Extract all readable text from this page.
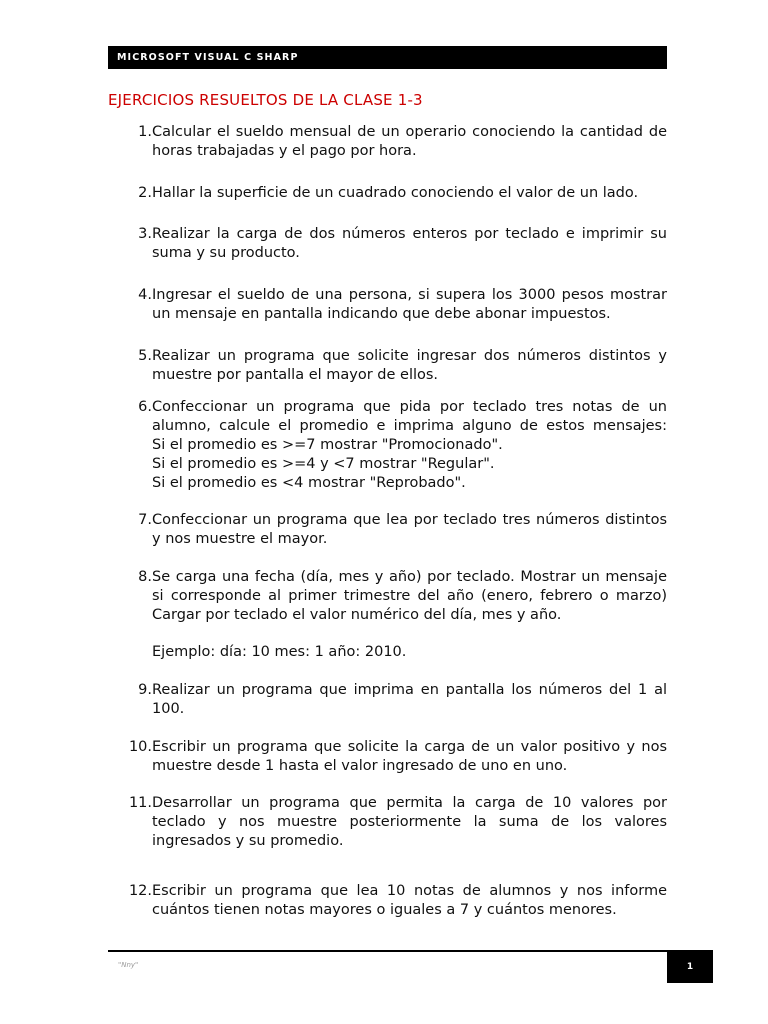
MICROSOFT VISUAL C SHARP
EJERCICIOS RESUELTOS DE LA CLASE 1-3
1. Calcular el sueldo mensual de un operario conociendo la cantidad de
horas trabajadas y el pago por hora.
2. Hallar la superficie de un cuadrado conociendo el valor de un lado.
3. Realizar la carga de dos números enteros por teclado e imprimir su
suma y su producto.
4. Ingresar el sueldo de una persona, si supera los 3000 pesos mostrar
un mensaje en pantalla indicando que debe abonar impuestos.
5. Realizar un programa que solicite ingresar dos números distintos y
muestre por pantalla el mayor de ellos.
6. Confeccionar un programa que pida por teclado tres notas de un
alumno, calcule el promedio e imprima alguno de estos mensajes:
Si el promedio es >=7 mostrar "Promocionado".
Si el promedio es >=4 y <7 mostrar "Regular".
Si el promedio es <4 mostrar "Reprobado".
7. Confeccionar un programa que lea por teclado tres números distintos
y nos muestre el mayor.
8. Se carga una fecha (día, mes y año) por teclado. Mostrar un mensaje
si corresponde al primer trimestre del año (enero, febrero o marzo)
Cargar por teclado el valor numérico del día, mes y año.
Ejemplo: día: 10 mes: 1 año: 2010.
9. Realizar un programa que imprima en pantalla los números del 1 al
100.
10. Escribir un programa que solicite la carga de un valor positivo y nos
muestre desde 1 hasta el valor ingresado de uno en uno.
11. Desarrollar un programa que permita la carga de 10 valores por
teclado y nos muestre posteriormente la suma de los valores
ingresados y su promedio.
12. Escribir un programa que lea 10 notas de alumnos y nos informe
cuántos tienen notas mayores o iguales a 7 y cuántos menores.
"Nny"	1
